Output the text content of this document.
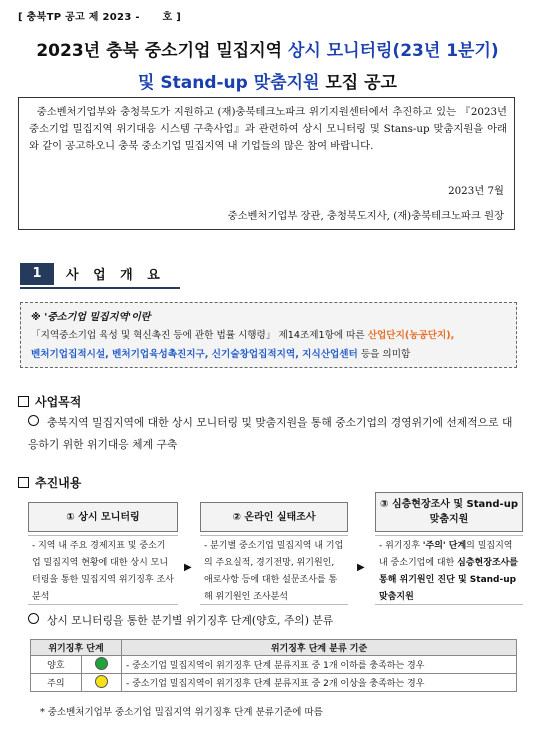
[ 충북TP 공고 제 2023 -      호 ]
2023년 충북 중소기업 밀집지역 상시 모니터링(23년 1분기)
및 Stand-up 맞춤지원 모집 공고
중소벤처기업부와 충청북도가 지원하고 (재)충북테크노파크 위기지원센터에서 추진하고 있는 『2023년 중소기업 밀집지역 위기대응 시스템 구축사업』과 관련하여 상시 모니터링 및 Stans-up 맞춤지원을 아래와 같이 공고하오니 충북 중소기업 밀집지역 내 기업들의 많은 참여 바랍니다.
2023년 7월
중소벤처기업부 장관, 충청북도지사, (재)충북테크노파크 원장
1	사 업 개 요
※ '중소기업 밀집지역'이란
「지역중소기업 육성 및 혁신촉진 등에 관한 법률 시행령」 제14조제1항에 따른 산업단지(농공단지),
벤처기업집적시설, 벤처기업육성촉진지구, 신기술창업집적지역, 지식산업센터 등을 의미함
사업목적
충북지역 밀집지역에 대한 상시 모니터링 및 맞춤지원을 통해 중소기업의 경영위기에 선제적으로 대응하기 위한 위기대응 체계 구축
추진내용
① 상시 모니터링	② 온라인 실태조사
③ 심층현장조사 및 Stand-up 맞춤지원
- 지역 내 주요 경제지표 및 중소기업 밀집지역 현황에 대한 상시 모니터링을 통한 밀집지역 위기징후 조사분석
▶
- 분기별 중소기업 밀집지역 내 기업의 주요실적, 경기전망, 위기원인, 애로사항 등에 대한 설문조사를 통해 위기원인 조사분석
▶
- 위기징후 '주의' 단계의 밀집지역 내 중소기업에 대한 심층현장조사를 통해 위기원인 진단 및 Stand-up 맞춤지원
상시 모니터링을 통한 분기별 위기징후 단계(양호, 주의) 분류
위기징후 단계		위기징후 단계 분류 기준
양호		- 중소기업 밀집지역이 위기징후 단계 분류지표 중 1개 이하를 충족하는 경우
주의		- 중소기업 밀집지역이 위기징후 단계 분류지표 중 2개 이상을 충족하는 경우
* 중소벤처기업부 중소기업 밀집지역 위기징후 단계 분류기준에 따름
